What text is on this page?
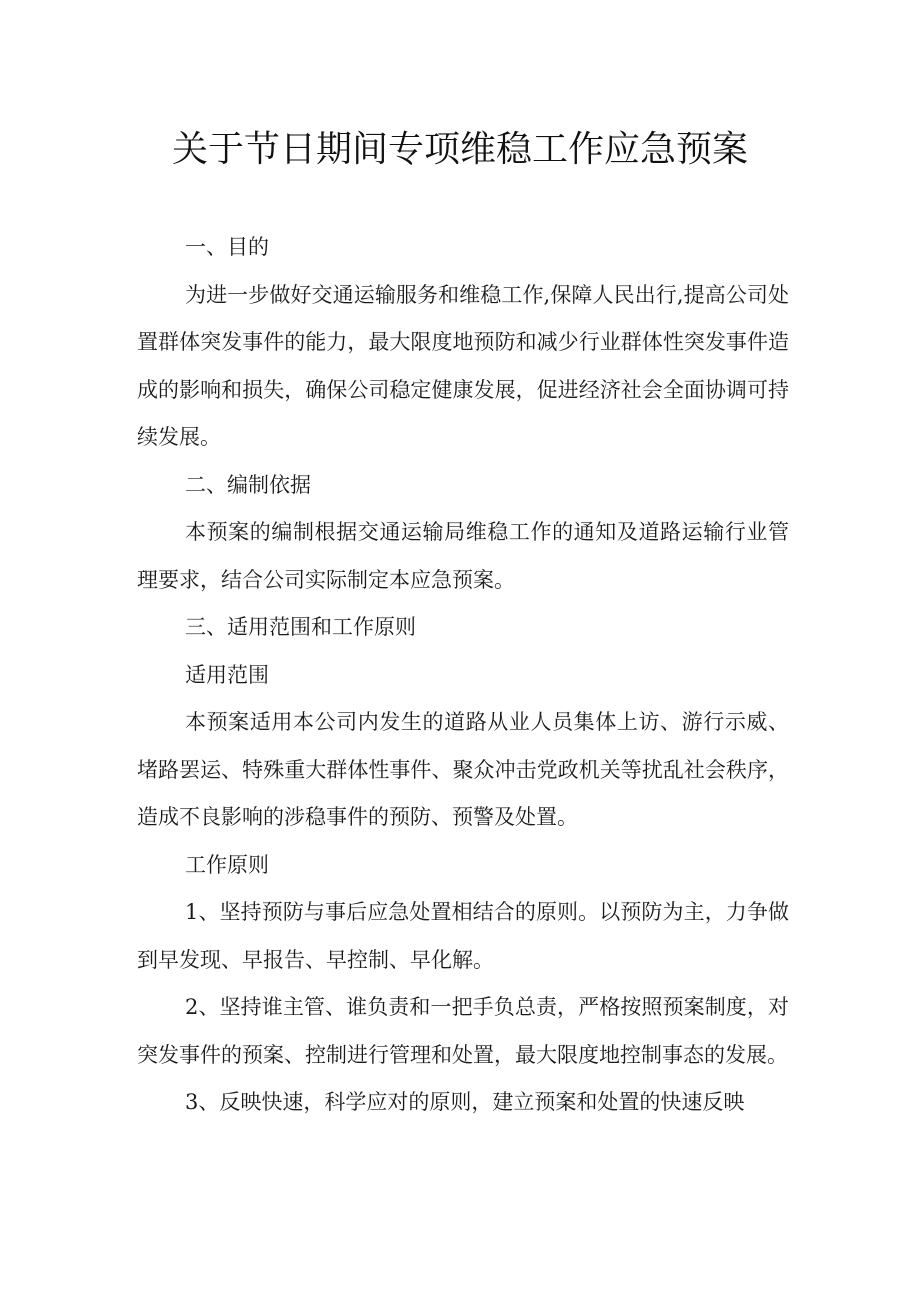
关于节日期间专项维稳工作应急预案

一、目的

为进一步做好交通运输服务和维稳工作,保障人民出行,提高公司处置群体突发事件的能力，最大限度地预防和减少行业群体性突发事件造成的影响和损失，确保公司稳定健康发展，促进经济社会全面协调可持续发展。

二、编制依据

本预案的编制根据交通运输局维稳工作的通知及道路运输行业管理要求，结合公司实际制定本应急预案。

三、适用范围和工作原则

适用范围

本预案适用本公司内发生的道路从业人员集体上访、游行示威、堵路罢运、特殊重大群体性事件、聚众冲击党政机关等扰乱社会秩序，造成不良影响的涉稳事件的预防、预警及处置。

工作原则

1、坚持预防与事后应急处置相结合的原则。以预防为主，力争做到早发现、早报告、早控制、早化解。

2、坚持谁主管、谁负责和一把手负总责，严格按照预案制度，对突发事件的预案、控制进行管理和处置，最大限度地控制事态的发展。

3、反映快速，科学应对的原则，建立预案和处置的快速反映
